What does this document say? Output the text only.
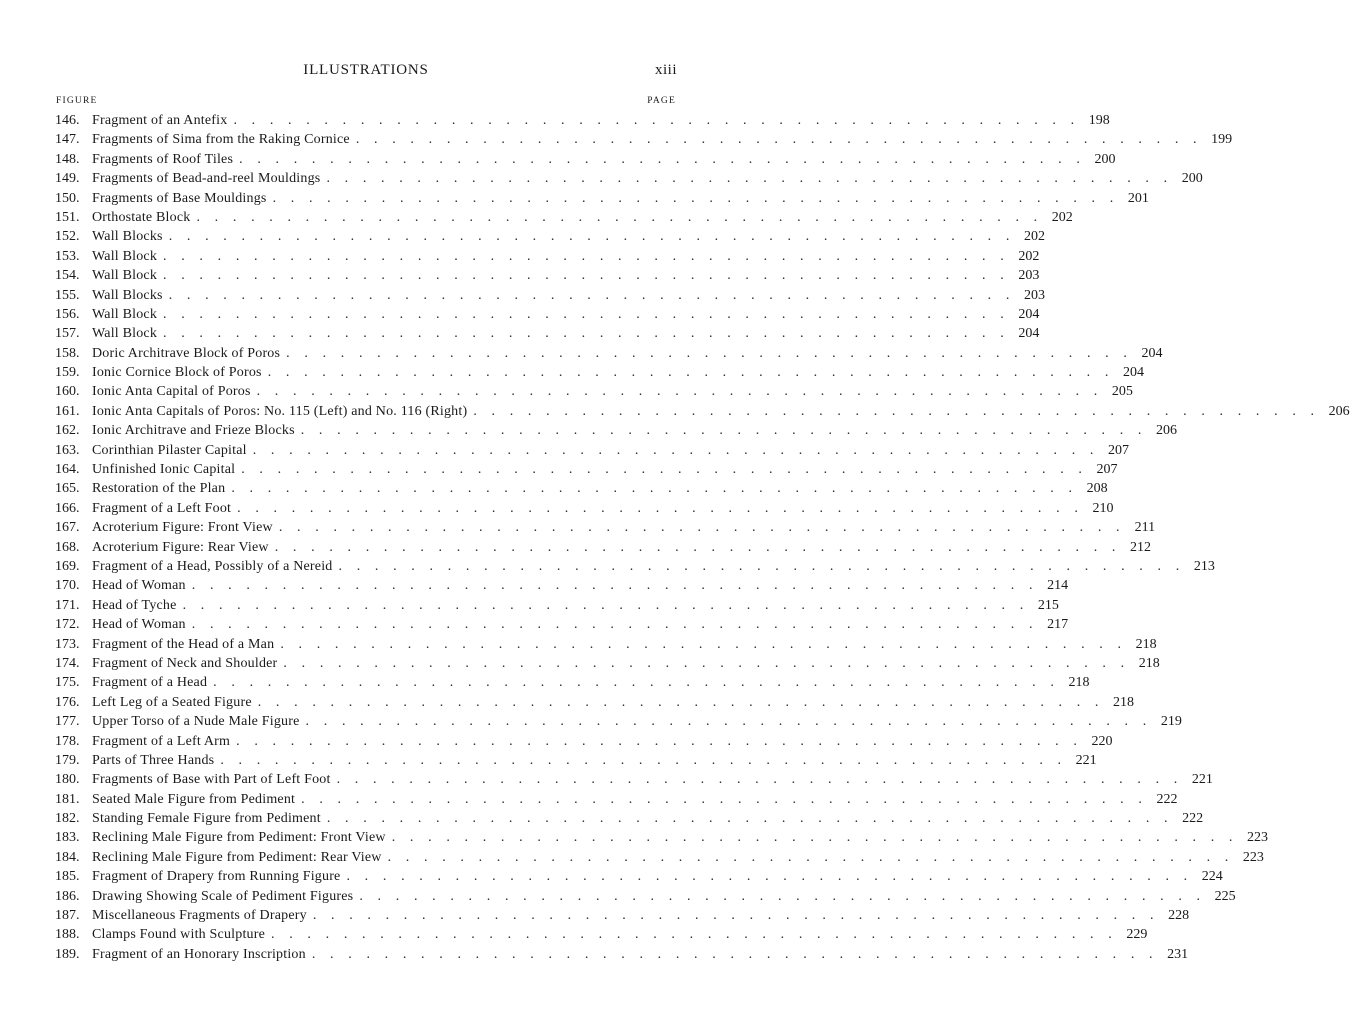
ILLUSTRATIONS	xiii
FIGURE	PAGE
146. Fragment of an Antefix . . . . . . . . . . . . . . . . . . . . . . . . . . . . . . . . . . . . . . . . . . . . . . . 198
147. Fragments of Sima from the Raking Cornice . . . . . . . . . . . . . . . . . . . . . . . . . . . . . . . . . . . . . . . . . . . . . . . 199
148. Fragments of Roof Tiles . . . . . . . . . . . . . . . . . . . . . . . . . . . . . . . . . . . . . . . . . . . . . . . 200
149. Fragments of Bead-and-reel Mouldings . . . . . . . . . . . . . . . . . . . . . . . . . . . . . . . . . . . . . . . . . . . . . . . 200
150. Fragments of Base Mouldings . . . . . . . . . . . . . . . . . . . . . . . . . . . . . . . . . . . . . . . . . . . . . . . 201
151. Orthostate Block . . . . . . . . . . . . . . . . . . . . . . . . . . . . . . . . . . . . . . . . . . . . . . . 202
152. Wall Blocks . . . . . . . . . . . . . . . . . . . . . . . . . . . . . . . . . . . . . . . . . . . . . . . 202
153. Wall Block . . . . . . . . . . . . . . . . . . . . . . . . . . . . . . . . . . . . . . . . . . . . . . . 202
154. Wall Block . . . . . . . . . . . . . . . . . . . . . . . . . . . . . . . . . . . . . . . . . . . . . . . 203
155. Wall Blocks . . . . . . . . . . . . . . . . . . . . . . . . . . . . . . . . . . . . . . . . . . . . . . . 203
156. Wall Block . . . . . . . . . . . . . . . . . . . . . . . . . . . . . . . . . . . . . . . . . . . . . . . 204
157. Wall Block . . . . . . . . . . . . . . . . . . . . . . . . . . . . . . . . . . . . . . . . . . . . . . . 204
158. Doric Architrave Block of Poros . . . . . . . . . . . . . . . . . . . . . . . . . . . . . . . . . . . . . . . . . . . . . . . 204
159. Ionic Cornice Block of Poros . . . . . . . . . . . . . . . . . . . . . . . . . . . . . . . . . . . . . . . . . . . . . . . 204
160. Ionic Anta Capital of Poros . . . . . . . . . . . . . . . . . . . . . . . . . . . . . . . . . . . . . . . . . . . . . . . 205
161. Ionic Anta Capitals of Poros: No. 115 (Left) and No. 116 (Right) . . . . . . . . . . . . . . . . . . . . . . . . . . . . . . . . . . . . . . . . . . . . . . . 206
162. Ionic Architrave and Frieze Blocks . . . . . . . . . . . . . . . . . . . . . . . . . . . . . . . . . . . . . . . . . . . . . . . 206
163. Corinthian Pilaster Capital . . . . . . . . . . . . . . . . . . . . . . . . . . . . . . . . . . . . . . . . . . . . . . . 207
164. Unfinished Ionic Capital . . . . . . . . . . . . . . . . . . . . . . . . . . . . . . . . . . . . . . . . . . . . . . . 207
165. Restoration of the Plan . . . . . . . . . . . . . . . . . . . . . . . . . . . . . . . . . . . . . . . . . . . . . . . 208
166. Fragment of a Left Foot . . . . . . . . . . . . . . . . . . . . . . . . . . . . . . . . . . . . . . . . . . . . . . . 210
167. Acroterium Figure: Front View . . . . . . . . . . . . . . . . . . . . . . . . . . . . . . . . . . . . . . . . . . . . . . . 211
168. Acroterium Figure: Rear View . . . . . . . . . . . . . . . . . . . . . . . . . . . . . . . . . . . . . . . . . . . . . . . 212
169. Fragment of a Head, Possibly of a Nereid . . . . . . . . . . . . . . . . . . . . . . . . . . . . . . . . . . . . . . . . . . . . . . . 213
170. Head of Woman . . . . . . . . . . . . . . . . . . . . . . . . . . . . . . . . . . . . . . . . . . . . . . . 214
171. Head of Tyche . . . . . . . . . . . . . . . . . . . . . . . . . . . . . . . . . . . . . . . . . . . . . . . 215
172. Head of Woman . . . . . . . . . . . . . . . . . . . . . . . . . . . . . . . . . . . . . . . . . . . . . . . 217
173. Fragment of the Head of a Man . . . . . . . . . . . . . . . . . . . . . . . . . . . . . . . . . . . . . . . . . . . . . . . 218
174. Fragment of Neck and Shoulder . . . . . . . . . . . . . . . . . . . . . . . . . . . . . . . . . . . . . . . . . . . . . . . 218
175. Fragment of a Head . . . . . . . . . . . . . . . . . . . . . . . . . . . . . . . . . . . . . . . . . . . . . . . 218
176. Left Leg of a Seated Figure . . . . . . . . . . . . . . . . . . . . . . . . . . . . . . . . . . . . . . . . . . . . . . . 218
177. Upper Torso of a Nude Male Figure . . . . . . . . . . . . . . . . . . . . . . . . . . . . . . . . . . . . . . . . . . . . . . . 219
178. Fragment of a Left Arm . . . . . . . . . . . . . . . . . . . . . . . . . . . . . . . . . . . . . . . . . . . . . . . 220
179. Parts of Three Hands . . . . . . . . . . . . . . . . . . . . . . . . . . . . . . . . . . . . . . . . . . . . . . . 221
180. Fragments of Base with Part of Left Foot . . . . . . . . . . . . . . . . . . . . . . . . . . . . . . . . . . . . . . . . . . . . . . . 221
181. Seated Male Figure from Pediment . . . . . . . . . . . . . . . . . . . . . . . . . . . . . . . . . . . . . . . . . . . . . . . 222
182. Standing Female Figure from Pediment . . . . . . . . . . . . . . . . . . . . . . . . . . . . . . . . . . . . . . . . . . . . . . . 222
183. Reclining Male Figure from Pediment: Front View . . . . . . . . . . . . . . . . . . . . . . . . . . . . . . . . . . . . . . . . . . . . . . . 223
184. Reclining Male Figure from Pediment: Rear View . . . . . . . . . . . . . . . . . . . . . . . . . . . . . . . . . . . . . . . . . . . . . . . 223
185. Fragment of Drapery from Running Figure . . . . . . . . . . . . . . . . . . . . . . . . . . . . . . . . . . . . . . . . . . . . . . . 224
186. Drawing Showing Scale of Pediment Figures . . . . . . . . . . . . . . . . . . . . . . . . . . . . . . . . . . . . . . . . . . . . . . . 225
187. Miscellaneous Fragments of Drapery . . . . . . . . . . . . . . . . . . . . . . . . . . . . . . . . . . . . . . . . . . . . . . . 228
188. Clamps Found with Sculpture . . . . . . . . . . . . . . . . . . . . . . . . . . . . . . . . . . . . . . . . . . . . . . . 229
189. Fragment of an Honorary Inscription . . . . . . . . . . . . . . . . . . . . . . . . . . . . . . . . . . . . . . . . . . . . . . . 231
